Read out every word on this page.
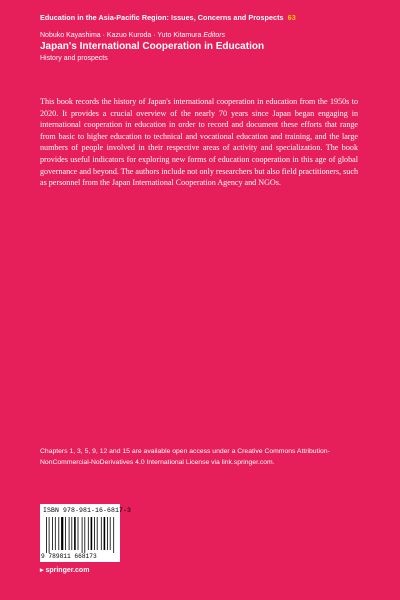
Education in the Asia-Pacific Region: Issues, Concerns and Prospects 63
Nobuko Kayashima · Kazuo Kuroda · Yuto Kitamura Editors
Japan's International Cooperation in Education
History and prospects
This book records the history of Japan's international cooperation in education from the 1950s to 2020. It provides a crucial overview of the nearly 70 years since Japan began engaging in international cooperation in education in order to record and document these efforts that range from basic to higher education to technical and vocational education and training, and the large numbers of people involved in their respective areas of activity and specialization. The book provides useful indicators for exploring new forms of education cooperation in this age of global governance and beyond. The authors include not only researchers but also field practitioners, such as personnel from the Japan International Cooperation Agency and NGOs.
Chapters 1, 3, 5, 9, 12 and 15 are available open access under a Creative Commons Attribution-NonCommercial-NoDerivatives 4.0 International License via link.springer.com.
ISBN 978-981-16-6817-3
9 789811 668173
▸ springer.com
